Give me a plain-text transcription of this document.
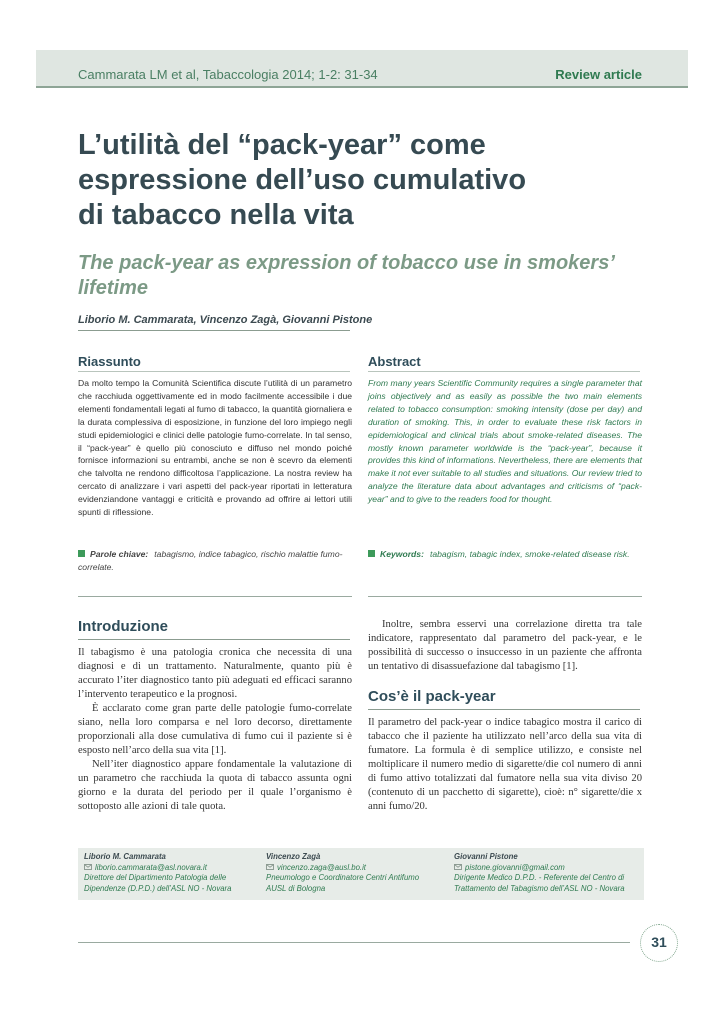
Cammarata LM et al, Tabaccologia 2014; 1-2: 31-34	Review article
L’utilità del “pack-year” come
espressione dell’uso cumulativo
di tabacco nella vita
The pack-year as expression of tobacco use in smokers’ lifetime
Liborio M. Cammarata, Vincenzo Zagà, Giovanni Pistone
Riassunto

Da molto tempo la Comunità Scientifica discute l’utilità di un parametro che racchiuda oggettivamente ed in modo facilmente accessibile i due elementi fondamentali legati al fumo di tabacco, la quantità giornaliera e la durata complessiva di esposizione, in funzione del loro impiego negli studi epidemiologici e clinici delle patologie fumo-correlate. In tal senso, il “pack-year” è quello più conosciuto e diffuso nel mondo poiché fornisce informazioni su entrambi, anche se non è scevro da elementi che talvolta ne rendono difficoltosa l’applicazione. La nostra review ha cercato di analizzare i vari aspetti del pack-year riportati in letteratura evidenziandone vantaggi e criticità e provando ad offrire ai lettori utili spunti di riflessione.

Parole chiave: tabagismo, indice tabagico, rischio malattie fumo-correlate.

Abstract

From many years Scientific Community requires a single parameter that joins objectively and as easily as possible the two main elements related to tobacco consumption: smoking intensity (dose per day) and duration of smoking. This, in order to evaluate these risk factors in epidemiological and clinical trials about smoke-related diseases. The mostly known parameter worldwide is the “pack-year”, because it provides this kind of informations. Nevertheless, there are elements that make it not ever suitable to all studies and situations. Our review tried to analyze the literature data about advantages and criticisms of “pack-year” and to give to the readers food for thought.

Keywords: tabagism, tabagic index, smoke-related disease risk.

Introduzione

Il tabagismo è una patologia cronica che necessita di una diagnosi e di un trattamento. Naturalmente, quanto più è accurato l’iter diagnostico tanto più adeguati ed efficaci saranno l’intervento terapeutico e la prognosi.

È acclarato come gran parte delle patologie fumo-correlate siano, nella loro comparsa e nel loro decorso, direttamente proporzionali alla dose cumulativa di fumo cui il paziente si è esposto nell’arco della sua vita [1].

Nell’iter diagnostico appare fondamentale la valutazione di un parametro che racchiuda la quota di tabacco assunta ogni giorno e la durata del periodo per il quale l’organismo è sottoposto alle azioni di tale quota.

Inoltre, sembra esservi una correlazione diretta tra tale indicatore, rappresentato dal parametro del pack-year, e le possibilità di successo o insuccesso in un paziente che affronta un tentativo di disassuefazione dal tabagismo [1].

Cos’è il pack-year

Il parametro del pack-year o indice tabagico mostra il carico di tabacco che il paziente ha utilizzato nell’arco della sua vita di fumatore. La formula è di semplice utilizzo, e consiste nel moltiplicare il numero medio di sigarette/die col numero di anni di fumo attivo totalizzati dal fumatore nella sua vita diviso 20 (contenuto di un pacchetto di sigarette), cioè: n° sigarette/die x anni fumo/20.

Liborio M. Cammarata
liborio.cammarata@asl.novara.it
Direttore del Dipartimento Patologia delle Dipendenze (D.P.D.) dell’ASL NO - Novara
Vincenzo Zagà
vincenzo.zaga@ausl.bo.it
Pneumologo e Coordinatore Centri Antifumo AUSL di Bologna
Giovanni Pistone
pistone.giovanni@gmail.com
Dirigente Medico D.P.D. - Referente del Centro di Trattamento del Tabagismo dell’ASL NO - Novara
31
